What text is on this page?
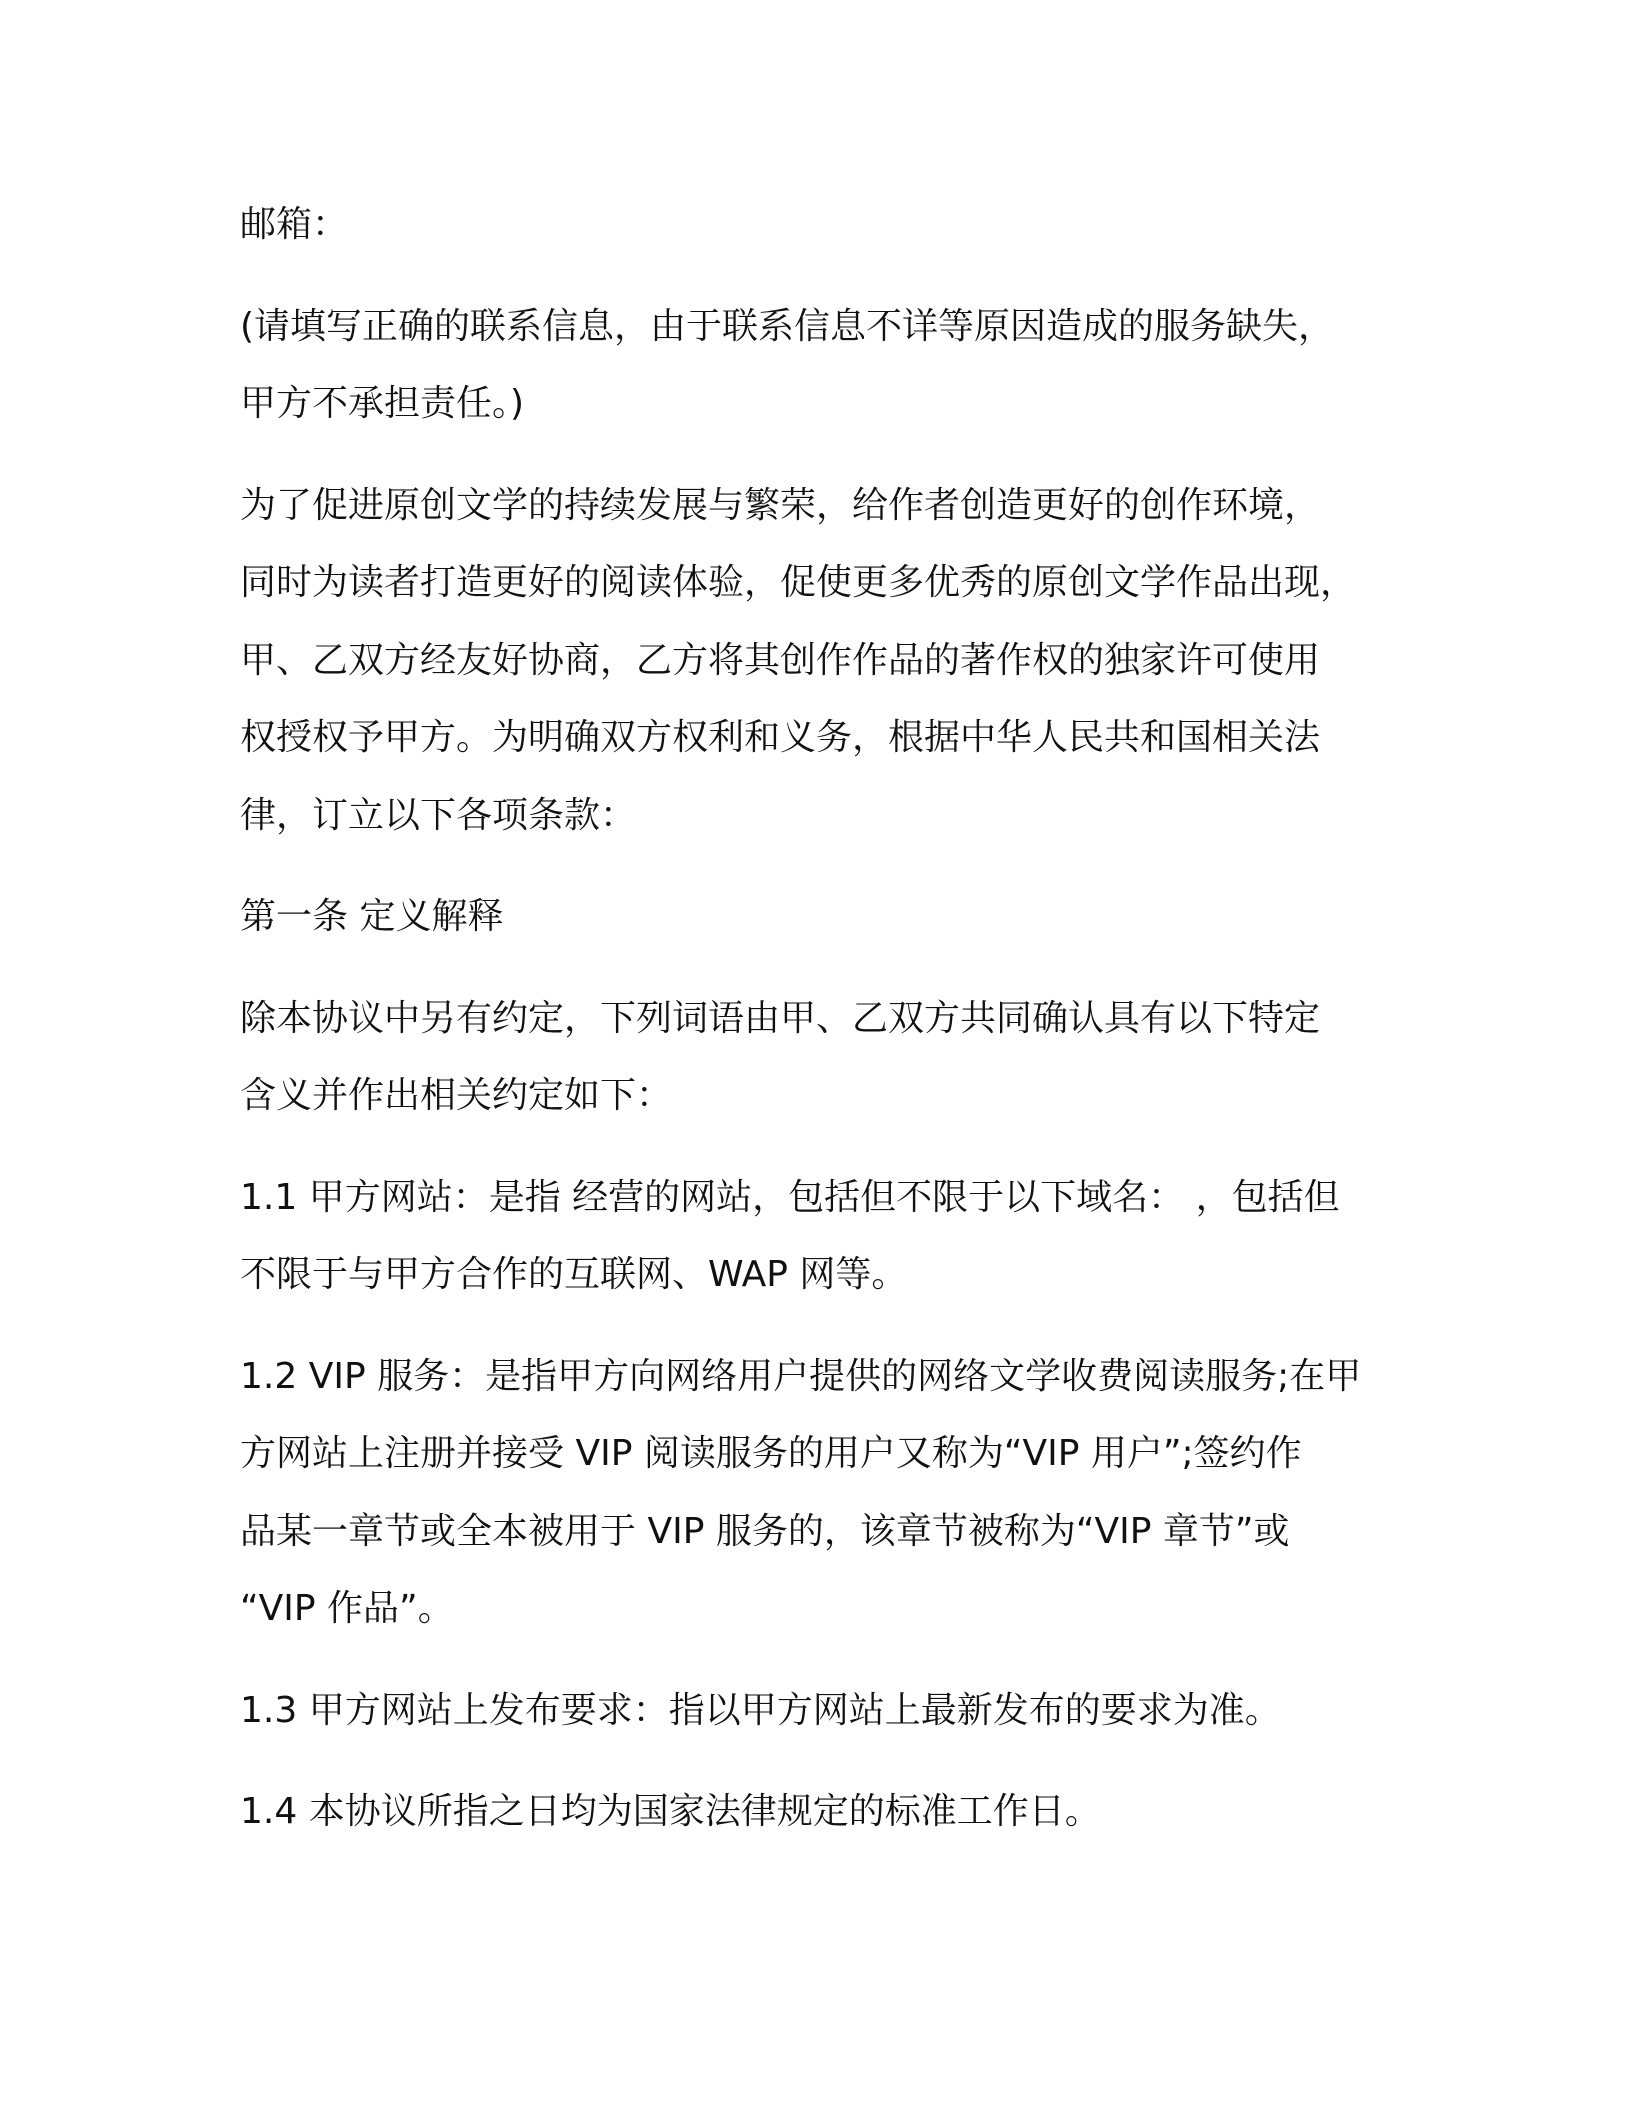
邮箱：

(请填写正确的联系信息，由于联系信息不详等原因造成的服务缺失，
甲方不承担责任。)

为了促进原创文学的持续发展与繁荣，给作者创造更好的创作环境，
同时为读者打造更好的阅读体验，促使更多优秀的原创文学作品出现，
甲、乙双方经友好协商，乙方将其创作作品的著作权的独家许可使用
权授权予甲方。为明确双方权利和义务，根据中华人民共和国相关法
律，订立以下各项条款：

第一条 定义解释

除本协议中另有约定，下列词语由甲、乙双方共同确认具有以下特定
含义并作出相关约定如下：

1.1 甲方网站：是指 经营的网站，包括但不限于以下域名： ，包括但
不限于与甲方合作的互联网、WAP 网等。

1.2 VIP 服务：是指甲方向网络用户提供的网络文学收费阅读服务;在甲
方网站上注册并接受 VIP 阅读服务的用户又称为“VIP 用户”;签约作
品某一章节或全本被用于 VIP 服务的，该章节被称为“VIP 章节”或
“VIP 作品”。

1.3 甲方网站上发布要求：指以甲方网站上最新发布的要求为准。

1.4 本协议所指之日均为国家法律规定的标准工作日。
